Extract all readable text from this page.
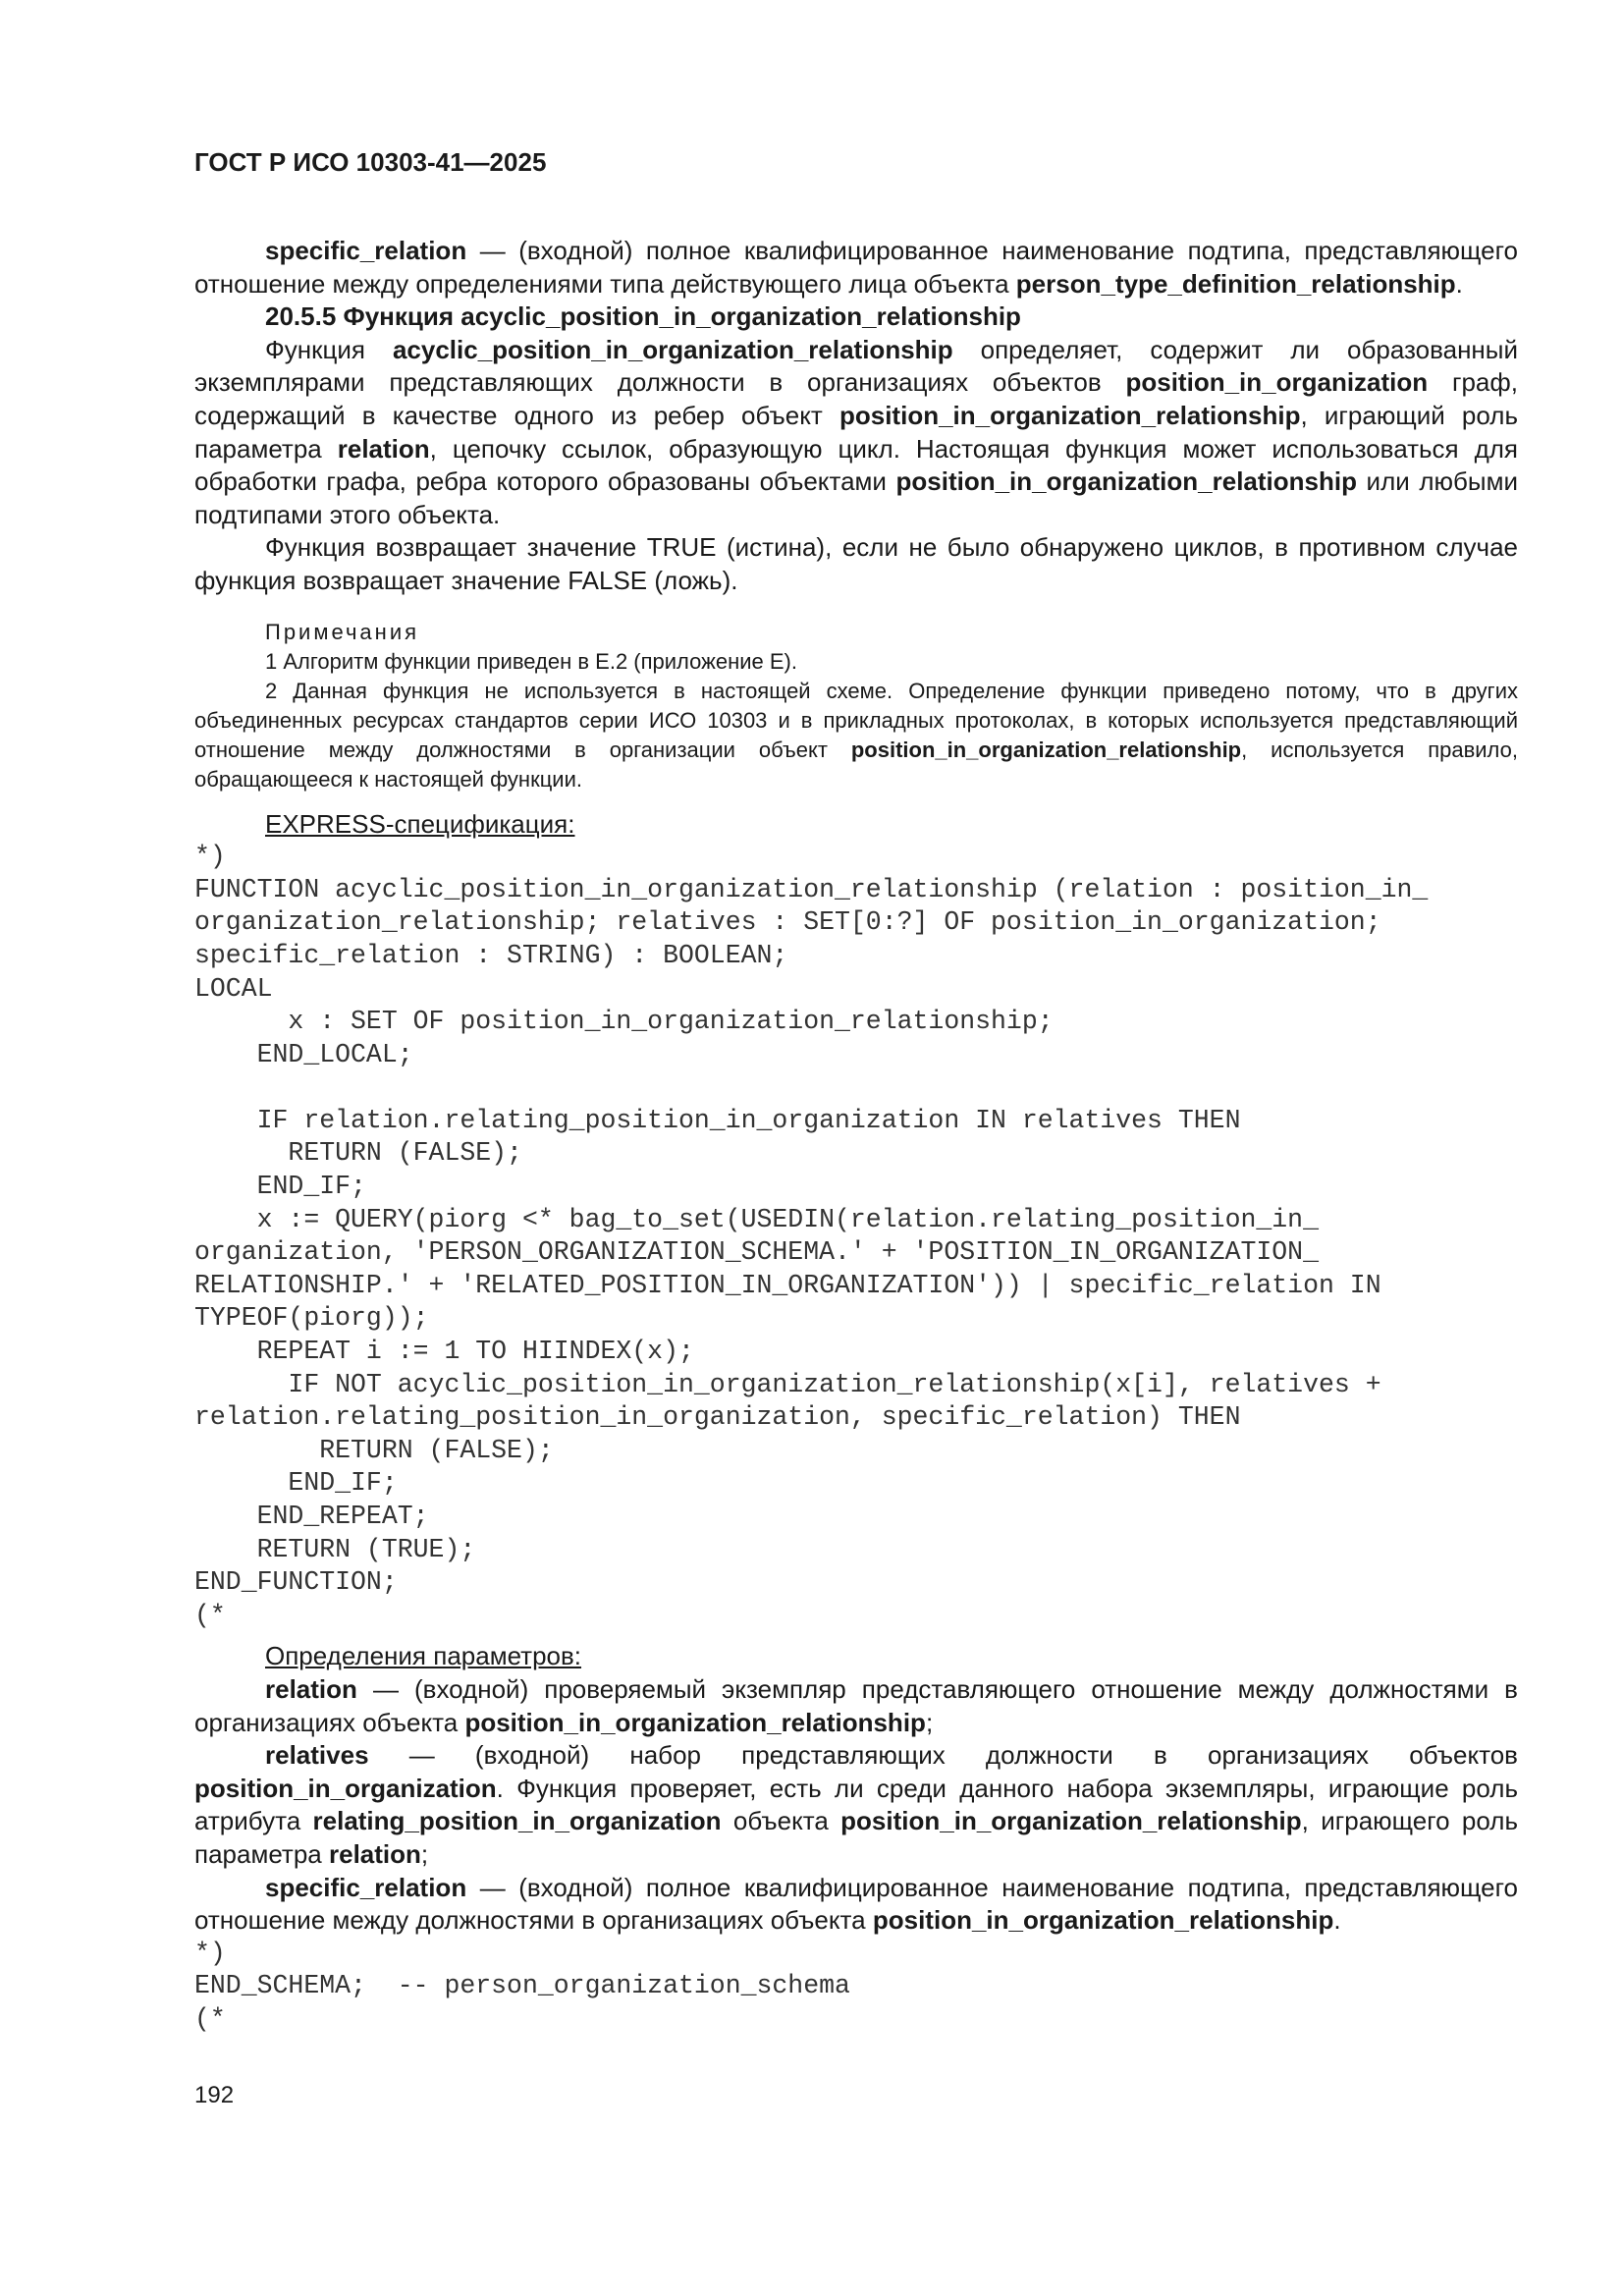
ГОСТ Р ИСО 10303-41—2025

specific_relation — (входной) полное квалифицированное наименование подтипа, представляющего отношение между определениями типа действующего лица объекта person_type_definition_relationship.

20.5.5 Функция acyclic_position_in_organization_relationship

Функция acyclic_position_in_organization_relationship определяет, содержит ли образованный экземплярами представляющих должности в организациях объектов position_in_organization граф, содержащий в качестве одного из ребер объект position_in_organization_relationship, играющий роль параметра relation, цепочку ссылок, образующую цикл. Настоящая функция может использоваться для обработки графа, ребра которого образованы объектами position_in_organization_relationship или любыми подтипами этого объекта.

Функция возвращает значение TRUE (истина), если не было обнаружено циклов, в противном случае функция возвращает значение FALSE (ложь).

Примечания

1 Алгоритм функции приведен в Е.2 (приложение Е).

2 Данная функция не используется в настоящей схеме. Определение функции приведено потому, что в других объединенных ресурсах стандартов серии ИСО 10303 и в прикладных протоколах, в которых используется представляющий отношение между должностями в организации объект position_in_organization_relationship, используется правило, обращающееся к настоящей функции.

EXPRESS-спецификация:
*)
FUNCTION acyclic_position_in_organization_relationship (relation : position_in_
organization_relationship; relatives : SET[0:?] OF position_in_organization;
specific_relation : STRING) : BOOLEAN;
LOCAL
x : SET OF position_in_organization_relationship;
END_LOCAL;

IF relation.relating_position_in_organization IN relatives THEN
RETURN (FALSE);
END_IF;
x := QUERY(piorg <* bag_to_set(USEDIN(relation.relating_position_in_
organization, 'PERSON_ORGANIZATION_SCHEMA.' + 'POSITION_IN_ORGANIZATION_
RELATIONSHIP.' + 'RELATED_POSITION_IN_ORGANIZATION')) | specific_relation IN
TYPEOF(piorg));
REPEAT i := 1 TO HIINDEX(x);
IF NOT acyclic_position_in_organization_relationship(x[i], relatives +
relation.relating_position_in_organization, specific_relation) THEN
RETURN (FALSE);
END_IF;
END_REPEAT;
RETURN (TRUE);
END_FUNCTION;
(*
Определения параметров:

relation — (входной) проверяемый экземпляр представляющего отношение между должностями в организациях объекта position_in_organization_relationship;

relatives — (входной) набор представляющих должности в организациях объектов position_in_organization. Функция проверяет, есть ли среди данного набора экземпляры, играющие роль атрибута relating_position_in_organization объекта position_in_organization_relationship, играющего роль параметра relation;

specific_relation — (входной) полное квалифицированное наименование подтипа, представляющего отношение между должностями в организациях объекта position_in_organization_relationship.

*)
END_SCHEMA;  -- person_organization_schema
(*
192
